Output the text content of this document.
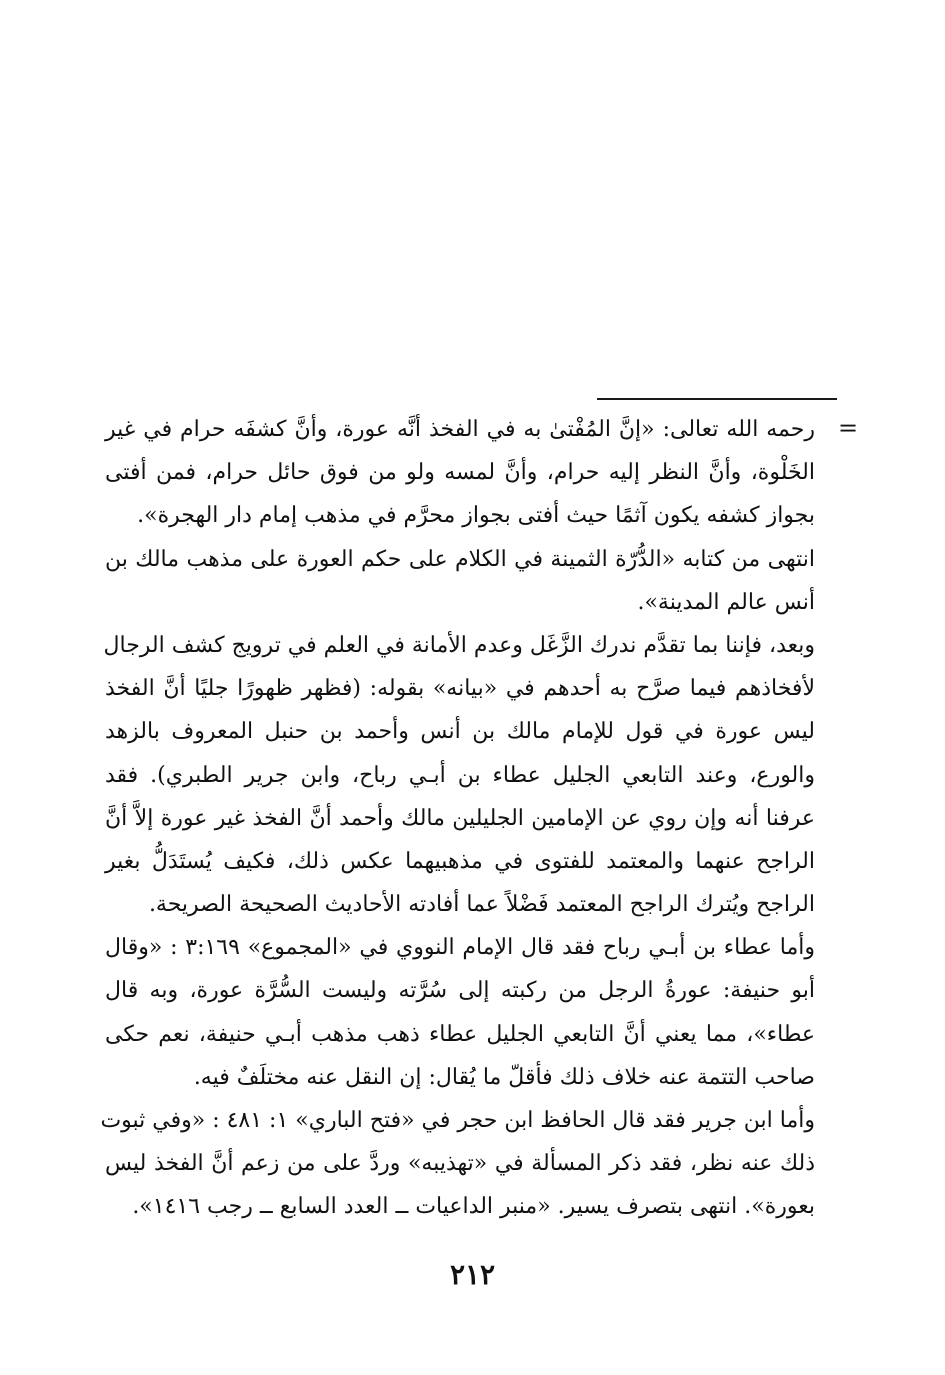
=
رحمه الله تعالى: «إنَّ المُفْتىٰ به في الفخذ أنَّه عورة، وأنَّ كشفَه حرام في غير
الخَلْوة، وأنَّ النظر إليه حرام، وأنَّ لمسه ولو من فوق حائل حرام، فمن أفتى
بجواز كشفه يكون آثمًا حيث أفتى بجواز محرَّم في مذهب إمام دار الهجرة».
انتهى من كتابه «الدُّرّة الثمينة في الكلام على حكم العورة على مذهب مالك بن
أنس عالم المدينة».
وبعد، فإننا بما تقدَّم ندرك الزَّغَل وعدم الأمانة في العلم في ترويج كشف الرجال
لأفخاذهم فيما صرَّح به أحدهم في «بيانه» بقوله: (فظهر ظهورًا جليًا أنَّ الفخذ
ليس عورة في قول للإمام مالك بن أنس وأحمد بن حنبل المعروف بالزهد
والورع، وعند التابعي الجليل عطاء بن أبـي رباح، وابن جرير الطبري). فقد
عرفنا أنه وإن روي عن الإمامين الجليلين مالك وأحمد أنَّ الفخذ غير عورة إلاَّ أنَّ
الراجح عنهما والمعتمد للفتوى في مذهبيهما عكس ذلك، فكيف يُستَدَلُّ بغير
الراجح ويُترك الراجح المعتمد فَضْلاً عما أفادته الأحاديث الصحيحة الصريحة.
وأما عطاء بن أبـي رباح فقد قال الإمام النووي في «المجموع» ٣:١٦٩ : «وقال
أبو حنيفة: عورةُ الرجل من ركبته إلى سُرَّته وليست السُّرَّة عورة، وبه قال
عطاء»، مما يعني أنَّ التابعي الجليل عطاء ذهب مذهب أبـي حنيفة، نعم حكى
صاحب التتمة عنه خلاف ذلك فأقلّ ما يُقال: إن النقل عنه مختلَفٌ فيه.
وأما ابن جرير فقد قال الحافظ ابن حجر في «فتح الباري» ١: ٤٨١ : «وفي ثبوت
ذلك عنه نظر، فقد ذكر المسألة في «تهذيبه» وردَّ على من زعم أنَّ الفخذ ليس
بعورة». انتهى بتصرف يسير. «منبر الداعيات ــ العدد السابع ــ رجب ١٤١٦».
٢١٢
